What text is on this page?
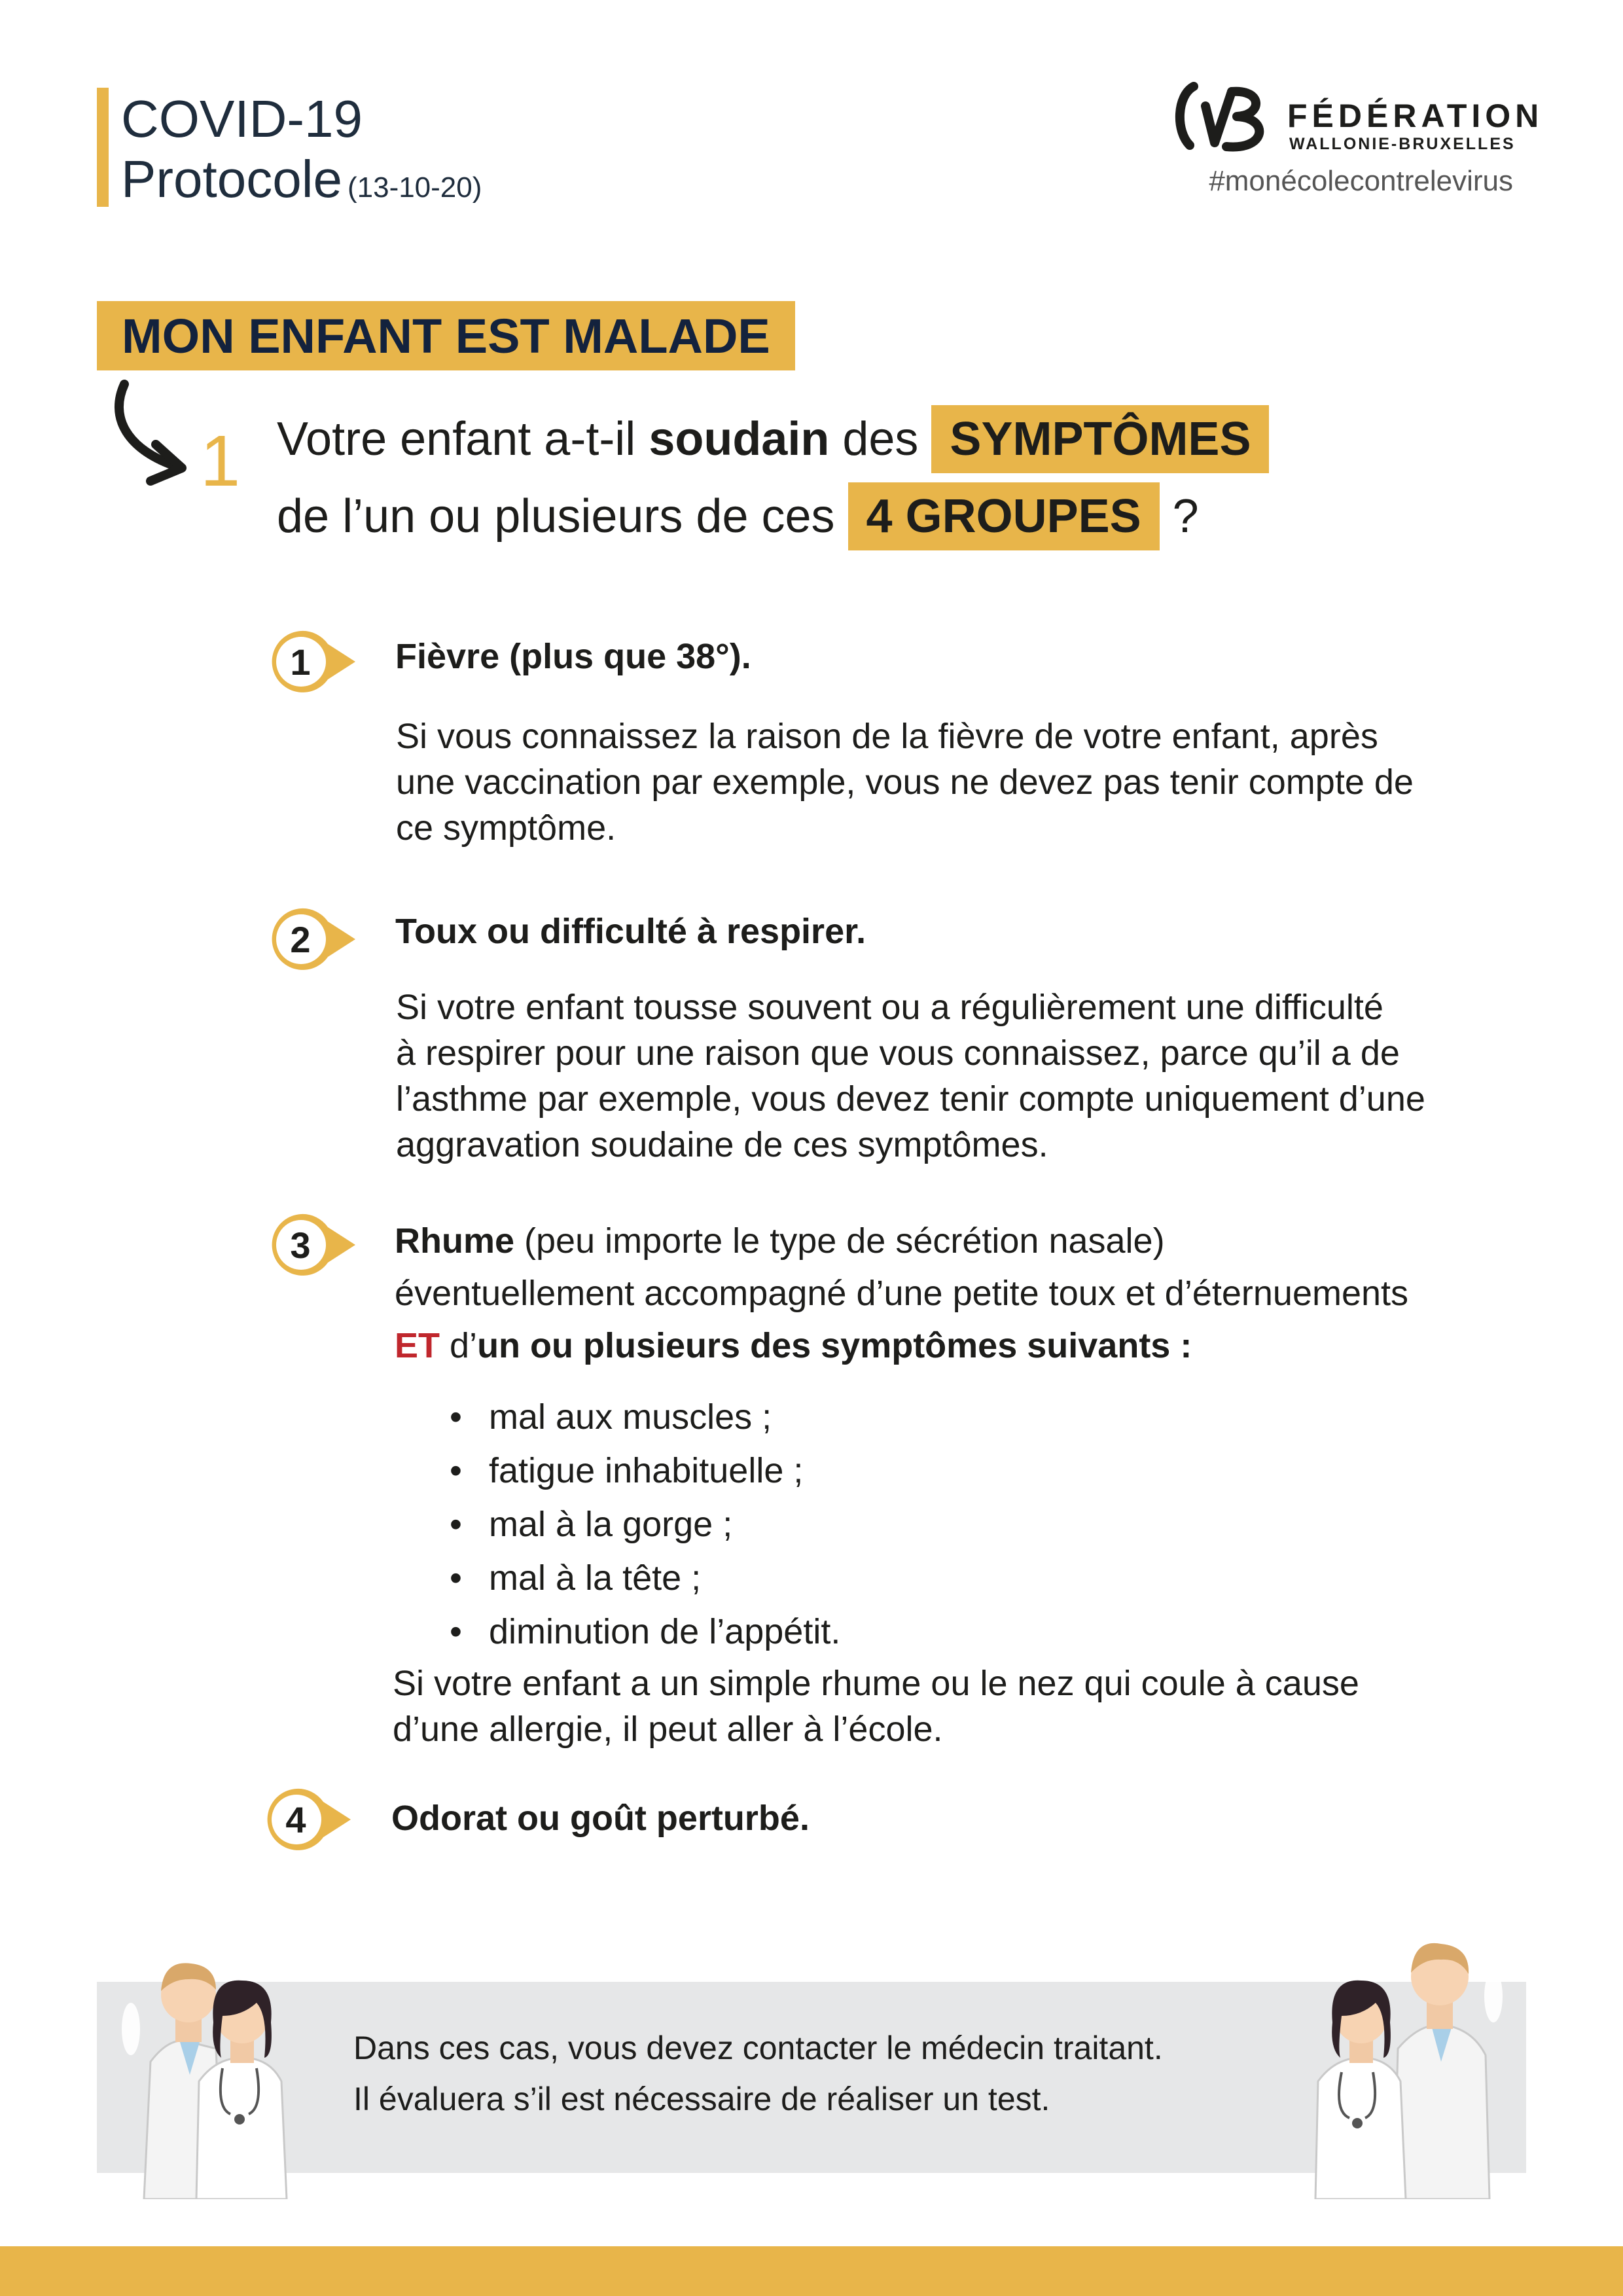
COVID-19
Protocole (13-10-20)
FÉDÉRATION
WALLONIE-BRUXELLES
#monécolecontrelevirus
MON ENFANT EST MALADE
1 Votre enfant a-t-il soudain des SYMPTÔMES
de l’un ou plusieurs de ces 4 GROUPES ?
1	Fièvre (plus que 38°).
Si vous connaissez la raison de la fièvre de votre enfant, après
une vaccination par exemple, vous ne devez pas tenir compte de
ce symptôme.
2	Toux ou difficulté à respirer.
Si votre enfant tousse souvent ou a régulièrement une difficulté
à respirer pour une raison que vous connaissez, parce qu’il a de
l’asthme par exemple, vous devez tenir compte uniquement d’une
aggravation soudaine de ces symptômes.
3	Rhume (peu importe le type de sécrétion nasale)
éventuellement accompagné d’une petite toux et d’éternuements
ET d’un ou plusieurs des symptômes suivants :
• mal aux muscles ;
• fatigue inhabituelle ;
• mal à la gorge ;
• mal à la tête ;
• diminution de l’appétit.
Si votre enfant a un simple rhume ou le nez qui coule à cause
d’une allergie, il peut aller à l’école.
4	Odorat ou goût perturbé.
Dans ces cas, vous devez contacter le médecin traitant.
Il évaluera s’il est nécessaire de réaliser un test.
